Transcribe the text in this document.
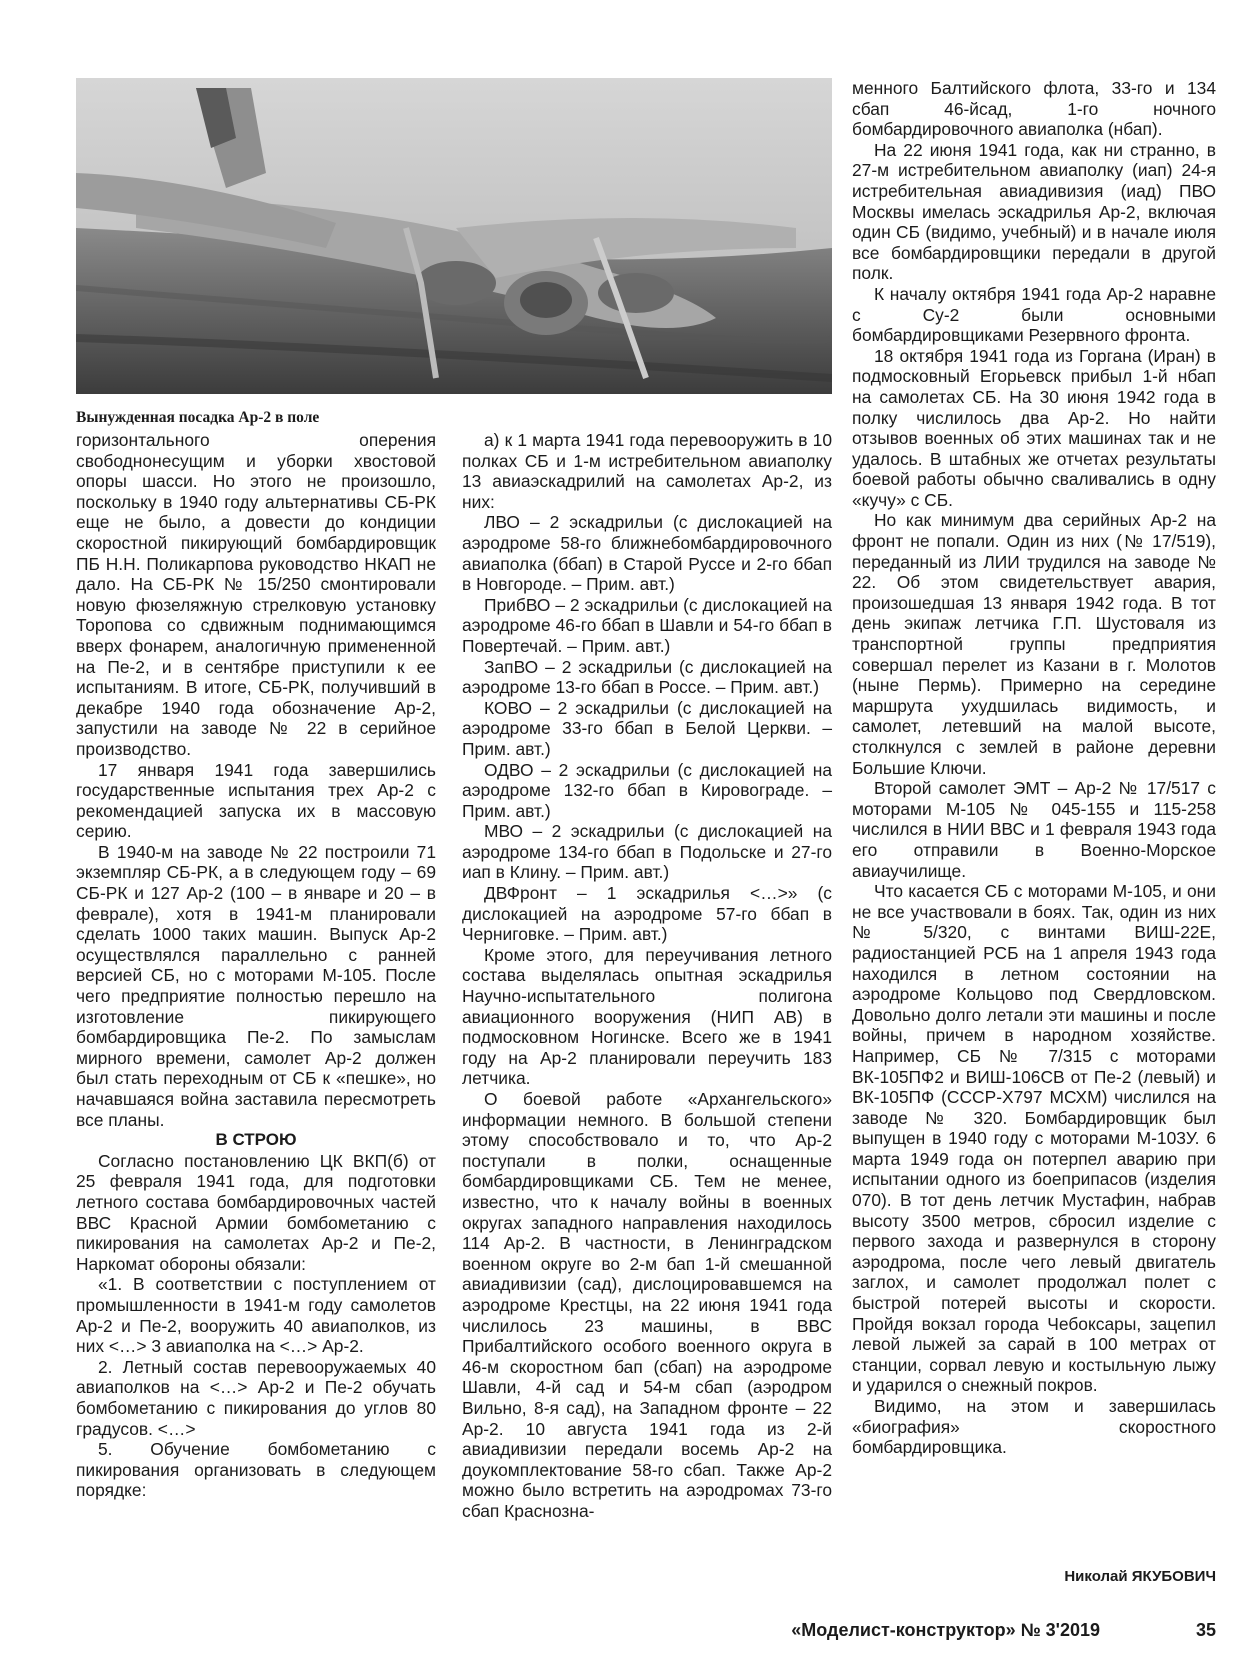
Вынужденная посадка Ар-2 в поле

горизонтального оперения свободнонесущим и уборки хвостовой опоры шасси. Но этого не произошло, поскольку в 1940 году альтернативы СБ-РК еще не было, а довести до кондиции скоростной пикирующий бомбардировщик ПБ Н.Н. Поликарпова руководство НКАП не дало. На СБ-РК № 15/250 смонтировали новую фюзеляжную стрелковую установку Торопова со сдвижным поднимающимся вверх фонарем, аналогичную примененной на Пе-2, и в сентябре приступили к ее испытаниям. В итоге, СБ-РК, получивший в декабре 1940 года обозначение Ар-2, запустили на заводе № 22 в серийное производство.

17 января 1941 года завершились государственные испытания трех Ар-2 с рекомендацией запуска их в массовую серию.

В 1940-м на заводе № 22 построили 71 экземпляр СБ-РК, а в следующем году – 69 СБ-РК и 127 Ар-2 (100 – в январе и 20 – в феврале), хотя в 1941-м планировали сделать 1000 таких машин. Выпуск Ар-2 осуществлялся параллельно с ранней версией СБ, но с моторами М-105. После чего предприятие полностью перешло на изготовление пикирующего бомбардировщика Пе-2. По замыслам мирного времени, самолет Ар-2 должен был стать переходным от СБ к «пешке», но начавшаяся война заставила пересмотреть все планы.

В СТРОЮ

Согласно постановлению ЦК ВКП(б) от 25 февраля 1941 года, для подготовки летного состава бомбардировочных частей ВВС Красной Армии бомбометанию с пикирования на самолетах Ар-2 и Пе-2, Наркомат обороны обязали:

«1. В соответствии с поступлением от промышленности в 1941-м году самолетов Ар-2 и Пе-2, вооружить 40 авиаполков, из них <…> 3 авиаполка на <…> Ар-2.

2. Летный состав перевооружаемых 40 авиаполков на <…> Ар-2 и Пе-2 обучать бомбометанию с пикирования до углов 80 градусов. <…>

5. Обучение бомбометанию с пикирования организовать в следующем порядке:

а) к 1 марта 1941 года перевооружить в 10 полках СБ и 1-м истребительном авиаполку 13 авиаэскадрилий на самолетах Ар-2, из них:

ЛВО – 2 эскадрильи (с дислокацией на аэродроме 58-го ближнебомбардировочного авиаполка (ббап) в Старой Руссе и 2-го ббап в Новгороде. – Прим. авт.)

ПрибВО – 2 эскадрильи (с дислокацией на аэродроме 46-го ббап в Шавли и 54-го ббап в Повертечай. – Прим. авт.)

ЗапВО – 2 эскадрильи (с дислокацией на аэродроме 13-го ббап в Россе. – Прим. авт.)

КОВО – 2 эскадрильи (с дислокацией на аэродроме 33-го ббап в Белой Церкви. – Прим. авт.)

ОДВО – 2 эскадрильи (с дислокацией на аэродроме 132-го ббап в Кировограде. – Прим. авт.)

МВО – 2 эскадрильи (с дислокацией на аэродроме 134-го ббап в Подольске и 27-го иап в Клину. – Прим. авт.)

ДВФронт – 1 эскадрилья <…>» (с дислокацией на аэродроме 57-го ббап в Черниговке. – Прим. авт.)

Кроме этого, для переучивания летного состава выделялась опытная эскадрилья Научно-испытательного полигона авиационного вооружения (НИП АВ) в подмосковном Ногинске. Всего же в 1941 году на Ар-2 планировали переучить 183 летчика.

О боевой работе «Архангельского» информации немного. В большой степени этому способствовало и то, что Ар-2 поступали в полки, оснащенные бомбардировщиками СБ. Тем не менее, известно, что к началу войны в военных округах западного направления находилось 114 Ар-2. В частности, в Ленинградском военном округе во 2-м бап 1-й смешанной авиадивизии (сад), дислоцировавшемся на аэродроме Крестцы, на 22 июня 1941 года числилось 23 машины, в ВВС Прибалтийского особого военного округа в 46-м скоростном бап (сбап) на аэродроме Шавли, 4-й сад и 54-м сбап (аэродром Вильно, 8-я сад), на Западном фронте – 22 Ар-2. 10 августа 1941 года из 2-й авиадивизии передали восемь Ар-2 на доукомплектование 58-го сбап. Также Ар-2 можно было встретить на аэродромах 73-го сбап Краснозна-

менного Балтийского флота, 33-го и 134 сбап 46-йсад, 1-го ночного бомбардировочного авиаполка (нбап).

На 22 июня 1941 года, как ни странно, в 27-м истребительном авиаполку (иап) 24-я истребительная авиадивизия (иад) ПВО Москвы имелась эскадрилья Ар-2, включая один СБ (видимо, учебный) и в начале июля все бомбардировщики передали в другой полк.

К началу октября 1941 года Ар-2 наравне с Су-2 были основными бомбардировщиками Резервного фронта.

18 октября 1941 года из Горгана (Иран) в подмосковный Егорьевск прибыл 1-й нбап на самолетах СБ. На 30 июня 1942 года в полку числилось два Ар-2. Но найти отзывов военных об этих машинах так и не удалось. В штабных же отчетах результаты боевой работы обычно сваливались в одну «кучу» с СБ.

Но как минимум два серийных Ар-2 на фронт не попали. Один из них (№ 17/519), переданный из ЛИИ трудился на заводе № 22. Об этом свидетельствует авария, произошедшая 13 января 1942 года. В тот день экипаж летчика Г.П. Шустоваля из транспортной группы предприятия совершал перелет из Казани в г. Молотов (ныне Пермь). Примерно на середине маршрута ухудшилась видимость, и самолет, летевший на малой высоте, столкнулся с землей в районе деревни Большие Ключи.

Второй самолет ЭМТ – Ар-2 № 17/517 с моторами М-105 № 045-155 и 115-258 числился в НИИ ВВС и 1 февраля 1943 года его отправили в Военно-Морское авиаучилище.

Что касается СБ с моторами М-105, и они не все участвовали в боях. Так, один из них № 5/320, с винтами ВИШ-22Е, радиостанцией РСБ на 1 апреля 1943 года находился в летном состоянии на аэродроме Кольцово под Свердловском. Довольно долго летали эти машины и после войны, причем в народном хозяйстве. Например, СБ № 7/315 с моторами ВК-105ПФ2 и ВИШ-106СВ от Пе-2 (левый) и ВК-105ПФ (СССР-Х797 МСХМ) числился на заводе № 320. Бомбардировщик был выпущен в 1940 году с моторами М-103У. 6 марта 1949 года он потерпел аварию при испытании одного из боеприпасов (изделия 070). В тот день летчик Мустафин, набрав высоту 3500 метров, сбросил изделие с первого захода и развернулся в сторону аэродрома, после чего левый двигатель заглох, и самолет продолжал полет с быстрой потерей высоты и скорости. Пройдя вокзал города Чебоксары, зацепил левой лыжей за сарай в 100 метрах от станции, сорвал левую и костыльную лыжу и ударился о снежный покров.

Видимо, на этом и завершилась «биография» скоростного бомбардировщика.

Николай ЯКУБОВИЧ
«Моделист-конструктор» № 3'2019	35
